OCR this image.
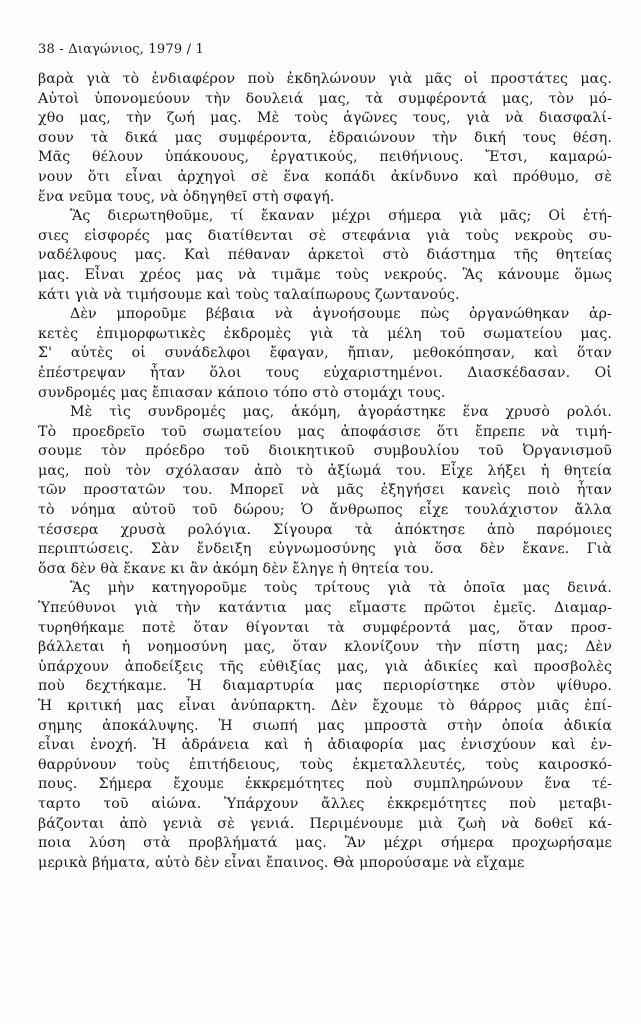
38 - Διαγώνιος, 1979 / 1
βαρὰ γιὰ τὸ ἐνδιαφέρον ποὺ ἐκδηλώνουν γιὰ μᾶς οἱ προστάτες μας.
Αὐτοὶ ὑπονομεύουν τὴν δουλειά μας, τὰ συμφέροντά μας, τὸν μό-
χθο μας, τὴν ζωή μας. Μὲ τοὺς ἀγῶνες τους, γιὰ νὰ διασφαλί-
σουν τὰ δικά μας συμφέροντα, ἑδραιώνουν τὴν δική τους θέση.
Μᾶς θέλουν ὑπάκουους, ἐργατικούς, πειθήνιους. Ἔτσι, καμαρώ-
νουν ὅτι εἶναι ἀρχηγοὶ σὲ ἕνα κοπάδι ἀκίνδυνο καὶ πρόθυμο, σὲ
ἕνα νεῦμα τους, νὰ ὁδηγηθεῖ στὴ σφαγή.
Ἂς διερωτηθοῦμε, τί ἔκαναν μέχρι σήμερα γιὰ μᾶς; Οἱ ἐτή-
σιες εἰσφορές μας διατίθενται σὲ στεφάνια γιὰ τοὺς νεκροὺς συ-
ναδέλφους μας. Καὶ πέθαναν ἀρκετοὶ στὸ διάστημα τῆς θητείας
μας. Εἶναι χρέος μας νὰ τιμᾶμε τοὺς νεκρούς. Ἂς κάνουμε ὅμως
κάτι γιὰ νὰ τιμήσουμε καὶ τοὺς ταλαίπωρους ζωντανούς.
Δὲν μποροῦμε βέβαια νὰ ἀγνοήσουμε πὼς ὀργανώθηκαν ἀρ-
κετὲς ἐπιμορφωτικὲς ἐκδρομὲς γιὰ τὰ μέλη τοῦ σωματείου μας.
Σ' αὐτὲς οἱ συνάδελφοι ἔφαγαν, ἤπιαν, μεθοκόπησαν, καὶ ὅταν
ἐπέστρεψαν ἦταν ὅλοι τους εὐχαριστημένοι. Διασκέδασαν. Οἱ
συνδρομές μας ἔπιασαν κάποιο τόπο στὸ στομάχι τους.
Μὲ τὶς συνδρομές μας, ἀκόμη, ἀγοράστηκε ἕνα χρυσὸ ρολόι.
Τὸ προεδρεῖο τοῦ σωματείου μας ἀποφάσισε ὅτι ἔπρεπε νὰ τιμή-
σουμε τὸν πρόεδρο τοῦ διοικητικοῦ συμβουλίου τοῦ Ὀργανισμοῦ
μας, ποὺ τὸν σχόλασαν ἀπὸ τὸ ἀξίωμά του. Εἶχε λήξει ἡ θητεία
τῶν προστατῶν του. Μπορεῖ νὰ μᾶς ἐξηγήσει κανεὶς ποιὸ ἦταν
τὸ νόημα αὐτοῦ τοῦ δώρου; Ὁ ἄνθρωπος εἶχε τουλάχιστον ἄλλα
τέσσερα χρυσὰ ρολόγια. Σίγουρα τὰ ἀπόκτησε ἀπὸ παρόμοιες
περιπτώσεις. Σὰν ἔνδειξη εὐγνωμοσύνης γιὰ ὅσα δὲν ἔκανε. Γιὰ
ὅσα δὲν θὰ ἔκανε κι ἂν ἀκόμη δὲν ἔληγε ἡ θητεία του.
Ἂς μὴν κατηγοροῦμε τοὺς τρίτους γιὰ τὰ ὁποῖα μας δεινά.
Ὑπεύθυνοι γιὰ τὴν κατάντια μας εἴμαστε πρῶτοι ἐμεῖς. Διαμαρ-
τυρηθήκαμε ποτὲ ὅταν θίγονται τὰ συμφέροντά μας, ὅταν προσ-
βάλλεται ἡ νοημοσύνη μας, ὅταν κλονίζουν τὴν πίστη μας; Δὲν
ὑπάρχουν ἀποδείξεις τῆς εὐθιξίας μας, γιὰ ἀδικίες καὶ προσβολὲς
ποὺ δεχτήκαμε. Ἡ διαμαρτυρία μας περιορίστηκε στὸν ψίθυρο.
Ἡ κριτική μας εἶναι ἀνύπαρκτη. Δὲν ἔχουμε τὸ θάρρος μιᾶς ἐπί-
σημης ἀποκάλυψης. Ἡ σιωπή μας μπροστὰ στὴν ὁποία ἀδικία
εἶναι ἐνοχή. Ἡ ἀδράνεια καὶ ἡ ἀδιαφορία μας ἐνισχύουν καὶ ἐν-
θαρρύνουν τοὺς ἐπιτήδειους, τοὺς ἐκμεταλλευτές, τοὺς καιροσκό-
πους. Σήμερα ἔχουμε ἐκκρεμότητες ποὺ συμπληρώνουν ἕνα τέ-
ταρτο τοῦ αἰώνα. Ὑπάρχουν ἄλλες ἐκκρεμότητες ποὺ μεταβι-
βάζονται ἀπὸ γενιὰ σὲ γενιά. Περιμένουμε μιὰ ζωὴ νὰ δοθεῖ κά-
ποια λύση στὰ προβλήματά μας. Ἂν μέχρι σήμερα προχωρήσαμε
μερικὰ βήματα, αὐτὸ δὲν εἶναι ἔπαινος. Θὰ μπορούσαμε νὰ εἴχαμε
